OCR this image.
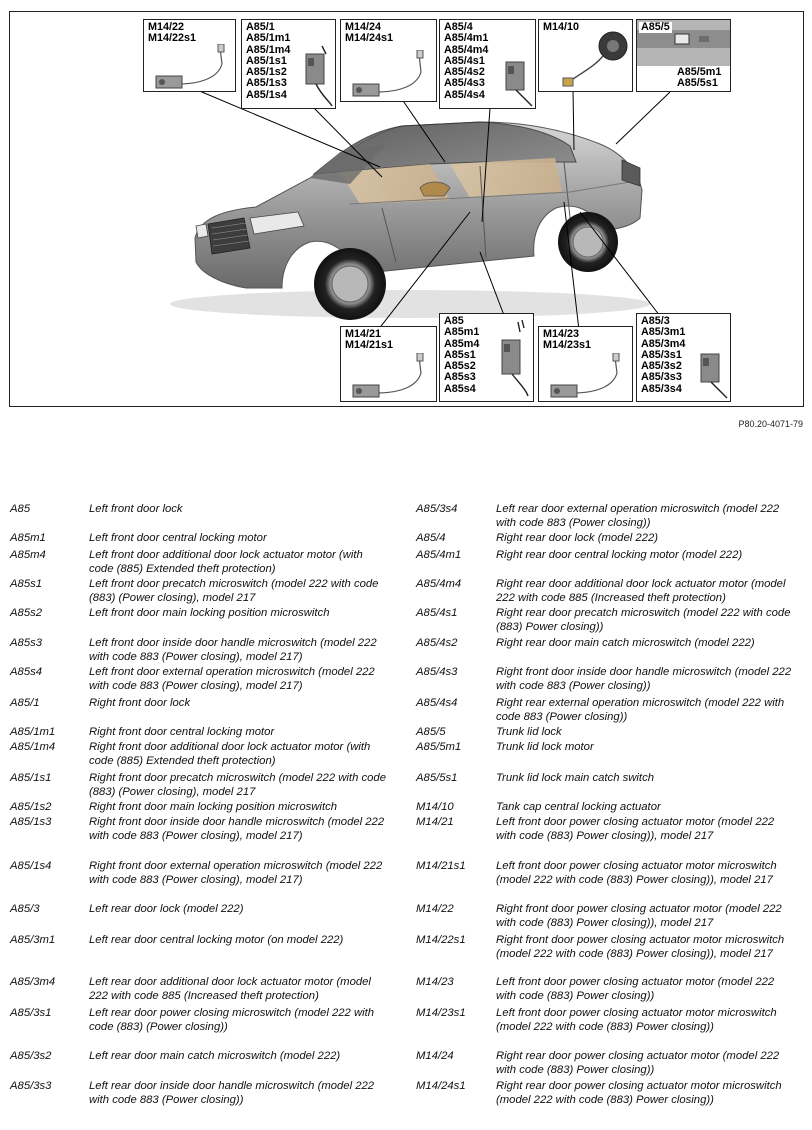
M14/22
M14/22s1
A85/1
A85/1m1
A85/1m4
A85/1s1
A85/1s2
A85/1s3
A85/1s4
M14/24
M14/24s1
A85/4
A85/4m1
A85/4m4
A85/4s1
A85/4s2
A85/4s3
A85/4s4
M14/10	A85/5
A85/5m1
A85/5s1
M14/21
M14/21s1
A85
A85m1
A85m4
A85s1
A85s2
A85s3
A85s4
M14/23
M14/23s1
A85/3
A85/3m1
A85/3m4
A85/3s1
A85/3s2
A85/3s3
A85/3s4
P80.20-4071-79
A85	Left front door lock
A85m1	Left front door central locking motor
A85m4	Left front door additional door lock actuator motor (with code (885) Extended theft protection)
A85s1	Left front door precatch microswitch (model 222 with code (883) (Power closing), model 217
A85s2	Left front door main locking position microswitch
A85s3	Left front door inside door handle microswitch (model 222 with code 883 (Power closing), model 217)
A85s4	Left front door external operation microswitch (model 222 with code 883 (Power closing), model 217)
A85/1	Right front door lock
A85/1m1	Right front door central locking motor
A85/1m4	Right front door additional door lock actuator motor (with code (885) Extended theft protection)
A85/1s1	Right front door precatch microswitch (model 222 with code (883) (Power closing), model 217
A85/1s2	Right front door main locking position microswitch
A85/1s3	Right front door inside door handle microswitch (model 222 with code 883 (Power closing), model 217)
A85/1s4	Right front door external operation microswitch (model 222 with code 883 (Power closing), model 217)
A85/3	Left rear door lock (model 222)
A85/3m1	Left rear door central locking motor (on model 222)
A85/3m4	Left rear door additional door lock actuator motor (model 222 with code 885 (Increased theft protection)
A85/3s1	Left rear door power closing microswitch (model 222 with code (883) (Power closing))
A85/3s2	Left rear door main catch microswitch (model 222)
A85/3s3	Left rear door inside door handle microswitch (model 222 with code 883 (Power closing))
A85/3s4	Left rear door external operation microswitch (model 222 with code 883 (Power closing))
A85/4	Right rear door lock (model 222)
A85/4m1	Right rear door central locking motor (model 222)
A85/4m4	Right rear door additional door lock actuator motor (model 222 with code 885 (Increased theft protection)
A85/4s1	Right rear door precatch microswitch (model 222 with code (883) Power closing))
A85/4s2	Right rear door main catch microswitch (model 222)
A85/4s3	Right front door inside door handle microswitch (model 222 with code 883 (Power closing))
A85/4s4	Right rear external operation microswitch (model 222 with code 883 (Power closing))
A85/5	Trunk lid lock
A85/5m1	Trunk lid lock motor
A85/5s1	Trunk lid lock main catch switch
M14/10	Tank cap central locking actuator
M14/21	Left front door power closing actuator motor (model 222 with code (883) Power closing)), model 217
M14/21s1	Left front door power closing actuator motor microswitch (model 222 with code (883) Power closing)), model 217
M14/22	Right front door power closing actuator motor (model 222 with code (883) Power closing)), model 217
M14/22s1	Right front door power closing actuator motor microswitch (model 222 with code (883) Power closing)), model 217
M14/23	Left front door power closing actuator motor (model 222 with code (883) Power closing))
M14/23s1	Left front door power closing actuator motor microswitch (model 222 with code (883) Power closing))
M14/24	Right rear door power closing actuator motor (model 222 with code (883) Power closing))
M14/24s1	Right rear door power closing actuator motor microswitch (model 222 with code (883) Power closing))
